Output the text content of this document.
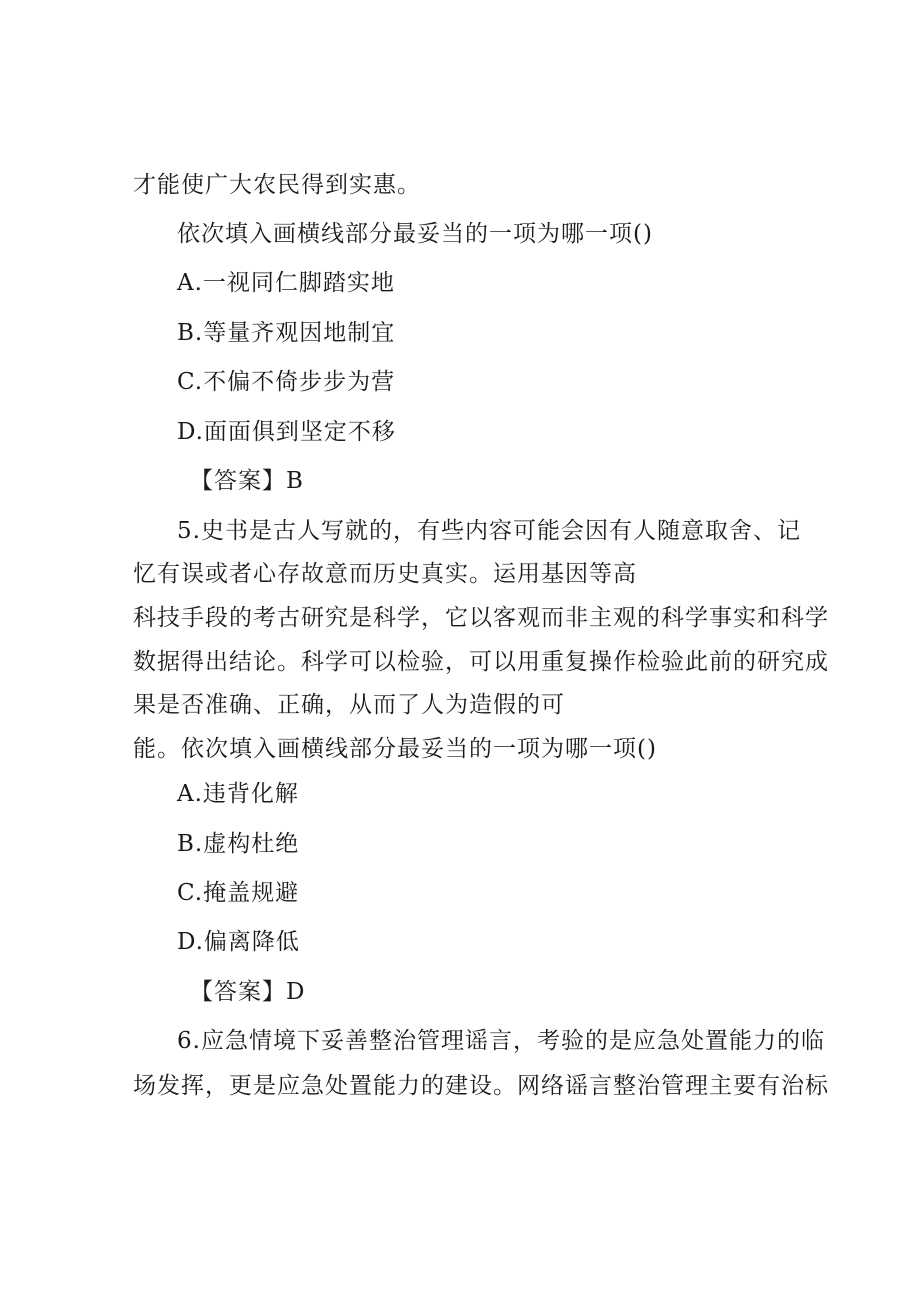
才能使广大农民得到实惠。
依次填入画横线部分最妥当的一项为哪一项()
A.一视同仁脚踏实地
B.等量齐观因地制宜
C.不偏不倚步步为营
D.面面俱到坚定不移
【答案】B
5.史书是古人写就的，有些内容可能会因有人随意取舍、记
忆有误或者心存故意而历史真实。运用基因等高
科技手段的考古研究是科学，它以客观而非主观的科学事实和科学
数据得出结论。科学可以检验，可以用重复操作检验此前的研究成
果是否准确、正确，从而了人为造假的可
能。依次填入画横线部分最妥当的一项为哪一项()
A.违背化解
B.虚构杜绝
C.掩盖规避
D.偏离降低
【答案】D
6.应急情境下妥善整治管理谣言，考验的是应急处置能力的临
场发挥，更是应急处置能力的建设。网络谣言整治管理主要有治标
